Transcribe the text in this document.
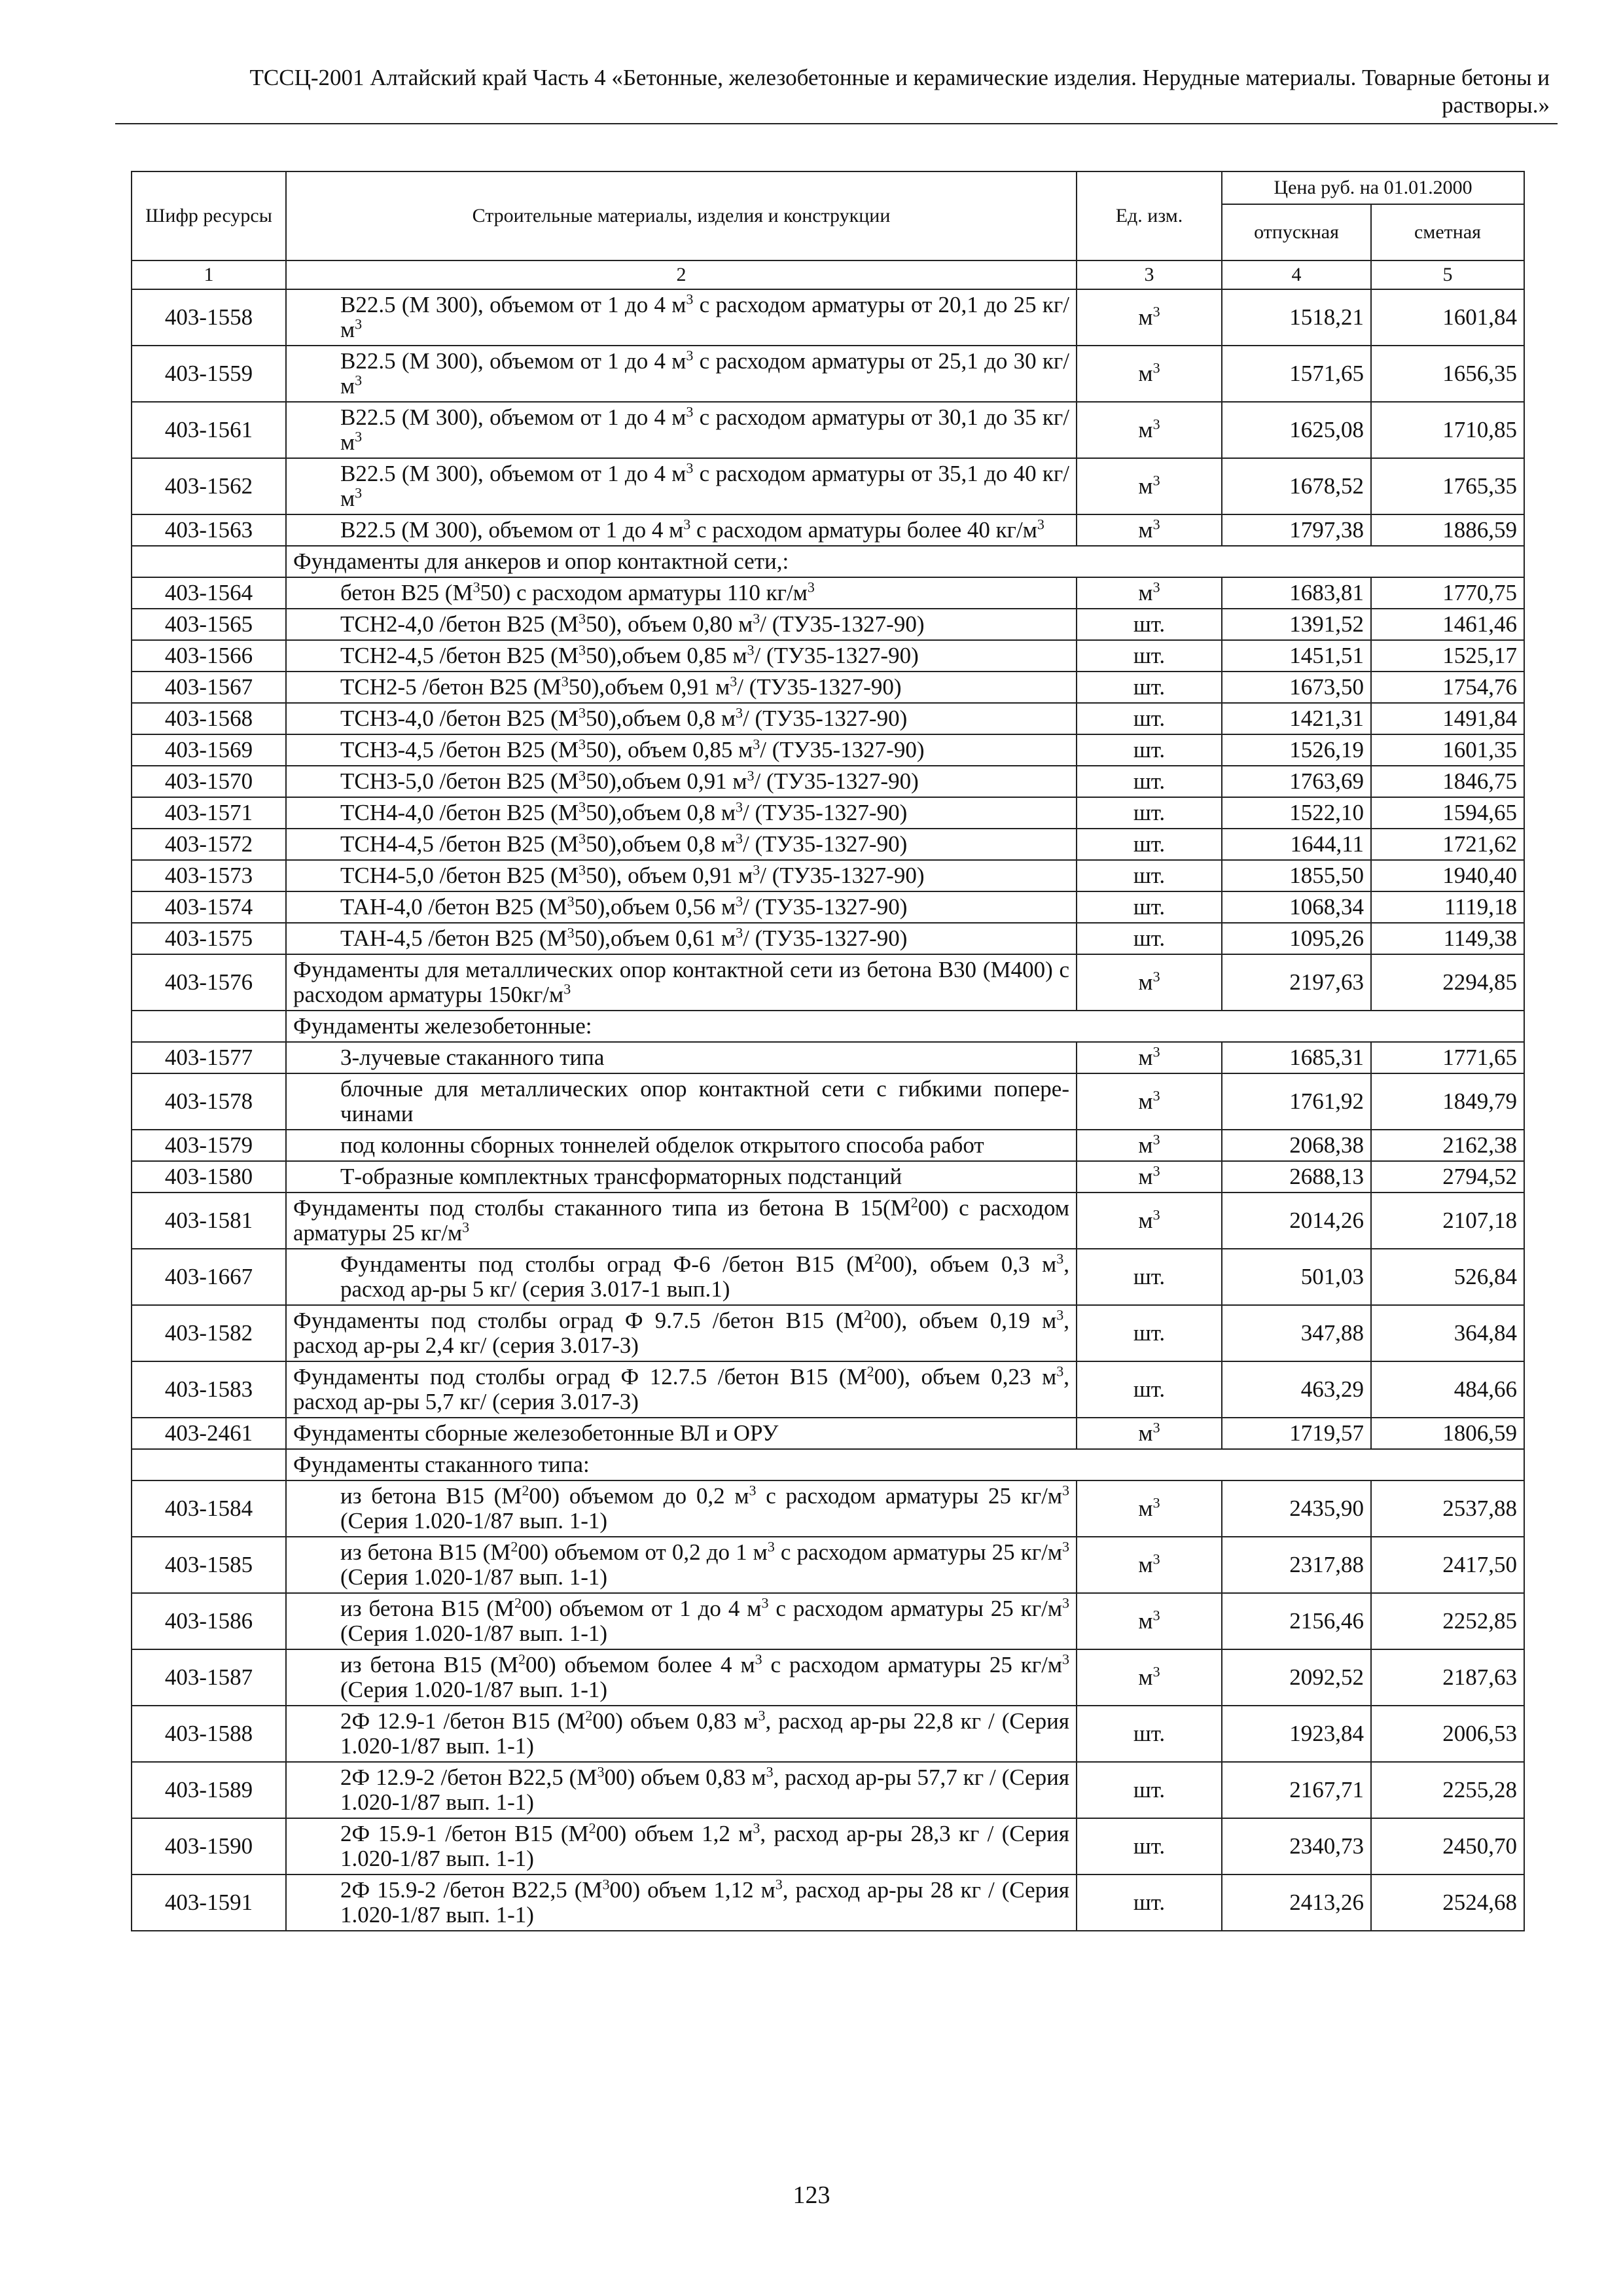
ТССЦ-2001 Алтайский край Часть 4 «Бетонные, железобетонные и керамические изделия. Нерудные материалы. Товарные бетоны и
растворы.»
Шифр ресурсы	Строительные материалы, изделия и конструкции	Ед. изм.	Цена руб. на 01.01.2000	
			отпускная	сметная
1	2	3	4	5
403-1558	В22.5 (М 300), объемом от 1 до 4 $м^3$ с расходом арматуры от 20,1 до 25 $кг/м^3$	$м^3$	1518,21	1601,84
403-1559	В22.5 (М 300), объемом от 1 до 4 $м^3$ с расходом арматуры от 25,1 до 30 $кг/м^3$	$м^3$	1571,65	1656,35
403-1561	В22.5 (М 300), объемом от 1 до 4 $м^3$ с расходом арматуры от 30,1 до 35 $кг/м^3$	$м^3$	1625,08	1710,85
403-1562	В22.5 (М 300), объемом от 1 до 4 $м^3$ с расходом арматуры от 35,1 до 40 $кг/м^3$	$м^3$	1678,52	1765,35
403-1563	В22.5 (М 300), объемом от 1 до 4 $м^3$ с расходом арматуры более 40 $кг/м^3$	$м^3$	1797,38	1886,59
	Фундаменты для анкеров и опор контактной сети,:			
403-1564	бетон В25 $(М^350)$ с расходом арматуры 110 $кг/м^3$	$м^3$	1683,81	1770,75
403-1565	ТСН2-4,0 /бетон В25 $(М^350)$, объем 0,80 $м^3/$ (ТУ35-1327-90)	шт.	1391,52	1461,46
403-1566	ТСН2-4,5 /бетон В25 $(М^350),объем$ 0,85 $м^3/$ (ТУ35-1327-90)	шт.	1451,51	1525,17
403-1567	ТСН2-5 /бетон В25 $(М^350),объем$ 0,91 $м^3/$ (ТУ35-1327-90)	шт.	1673,50	1754,76
403-1568	ТСН3-4,0 /бетон В25 $(М^350),объем$ 0,8 $м^3/$ (ТУ35-1327-90)	шт.	1421,31	1491,84
403-1569	ТСН3-4,5 /бетон В25 $(М^350)$, объем 0,85 $м^3/$ (ТУ35-1327-90)	шт.	1526,19	1601,35
403-1570	ТСН3-5,0 /бетон В25 $(М^350),объем$ 0,91 $м^3/$ (ТУ35-1327-90)	шт.	1763,69	1846,75
403-1571	ТСН4-4,0 /бетон В25 $(М^350),объем$ 0,8 $м^3/$ (ТУ35-1327-90)	шт.	1522,10	1594,65
403-1572	ТСН4-4,5 /бетон В25 $(М^350),объем$ 0,8 $м^3/$ (ТУ35-1327-90)	шт.	1644,11	1721,62
403-1573	ТСН4-5,0 /бетон В25 $(М^350)$, объем 0,91 $м^3/$ (ТУ35-1327-90)	шт.	1855,50	1940,40
403-1574	ТАН-4,0 /бетон В25 $(М^350),объем$ 0,56 $м^3/$ (ТУ35-1327-90)	шт.	1068,34	1119,18
403-1575	ТАН-4,5 /бетон В25 $(М^350),объем$ 0,61 $м^3/$ (ТУ35-1327-90)	шт.	1095,26	1149,38
403-1576	Фундаменты для металлических опор контактной сети из бетона В30 (М400) с расходом арматуры $150кг/м^3$	$м^3$	2197,63	2294,85
	Фундаменты железобетонные:			
403-1577	3-лучевые стаканного типа	$м^3$	1685,31	1771,65
403-1578	блочные для металлических опор контактной сети с гибкими попере-чинами	$м^3$	1761,92	1849,79
403-1579	под колонны сборных тоннелей обделок открытого способа работ	$м^3$	2068,38	2162,38
403-1580	Т-образные комплектных трансформаторных подстанций	$м^3$	2688,13	2794,52
403-1581	Фундаменты под столбы стаканного типа из бетона В $15(М^200)$ с расходом арматуры 25 $кг/м^3$	$м^3$	2014,26	2107,18
403-1667	Фундаменты под столбы оград Ф-6 /бетон В15 $(М^200)$, объем 0,3 $м^3$, расход ар-ры 5 кг/ (серия 3.017-1 вып.1)	шт.	501,03	526,84
403-1582	Фундаменты под столбы оград Ф 9.7.5 /бетон В15 $(М^200)$, объем 0,19 $м^3$, расход ар-ры 2,4 кг/ (серия 3.017-3)	шт.	347,88	364,84
403-1583	Фундаменты под столбы оград Ф 12.7.5 /бетон В15 $(М^200)$, объем 0,23 $м^3$, расход ар-ры 5,7 кг/ (серия 3.017-3)	шт.	463,29	484,66
403-2461	Фундаменты сборные железобетонные ВЛ и ОРУ	$м^3$	1719,57	1806,59
	Фундаменты стаканного типа:			
403-1584	из бетона В15 $(М^200)$ объемом до 0,2 $м^3$ с расходом арматуры 25 $кг/м^3$ (Серия 1.020-1/87 вып. 1-1)	$м^3$	2435,90	2537,88
403-1585	из бетона В15 $(М^200)$ объемом от 0,2 до 1 $м^3$ с расходом арматуры 25 $кг/м^3$ (Серия 1.020-1/87 вып. 1-1)	$м^3$	2317,88	2417,50
403-1586	из бетона В15 $(М^200)$ объемом от 1 до 4 $м^3$ с расходом арматуры 25 $кг/м^3$ (Серия 1.020-1/87 вып. 1-1)	$м^3$	2156,46	2252,85
403-1587	из бетона В15 $(М^200)$ объемом более 4 $м^3$ с расходом арматуры 25 $кг/м^3$ (Серия 1.020-1/87 вып. 1-1)	$м^3$	2092,52	2187,63
403-1588	2Ф 12.9-1 /бетон В15 $(М^200)$ объем 0,83 $м^3$, расход ар-ры 22,8 кг / (Серия 1.020-1/87 вып. 1-1)	шт.	1923,84	2006,53
403-1589	2Ф 12.9-2 /бетон В22,5 $(М^300)$ объем 0,83 $м^3$, расход ар-ры 57,7 кг / (Серия 1.020-1/87 вып. 1-1)	шт.	2167,71	2255,28
403-1590	2Ф 15.9-1 /бетон В15 $(М^200)$ объем 1,2 $м^3$, расход ар-ры 28,3 кг / (Серия 1.020-1/87 вып. 1-1)	шт.	2340,73	2450,70
403-1591	2Ф 15.9-2 /бетон В22,5 $(М^300)$ объем 1,12 $м^3$, расход ар-ры 28 кг / (Серия 1.020-1/87 вып. 1-1)	шт.	2413,26	2524,68
123
